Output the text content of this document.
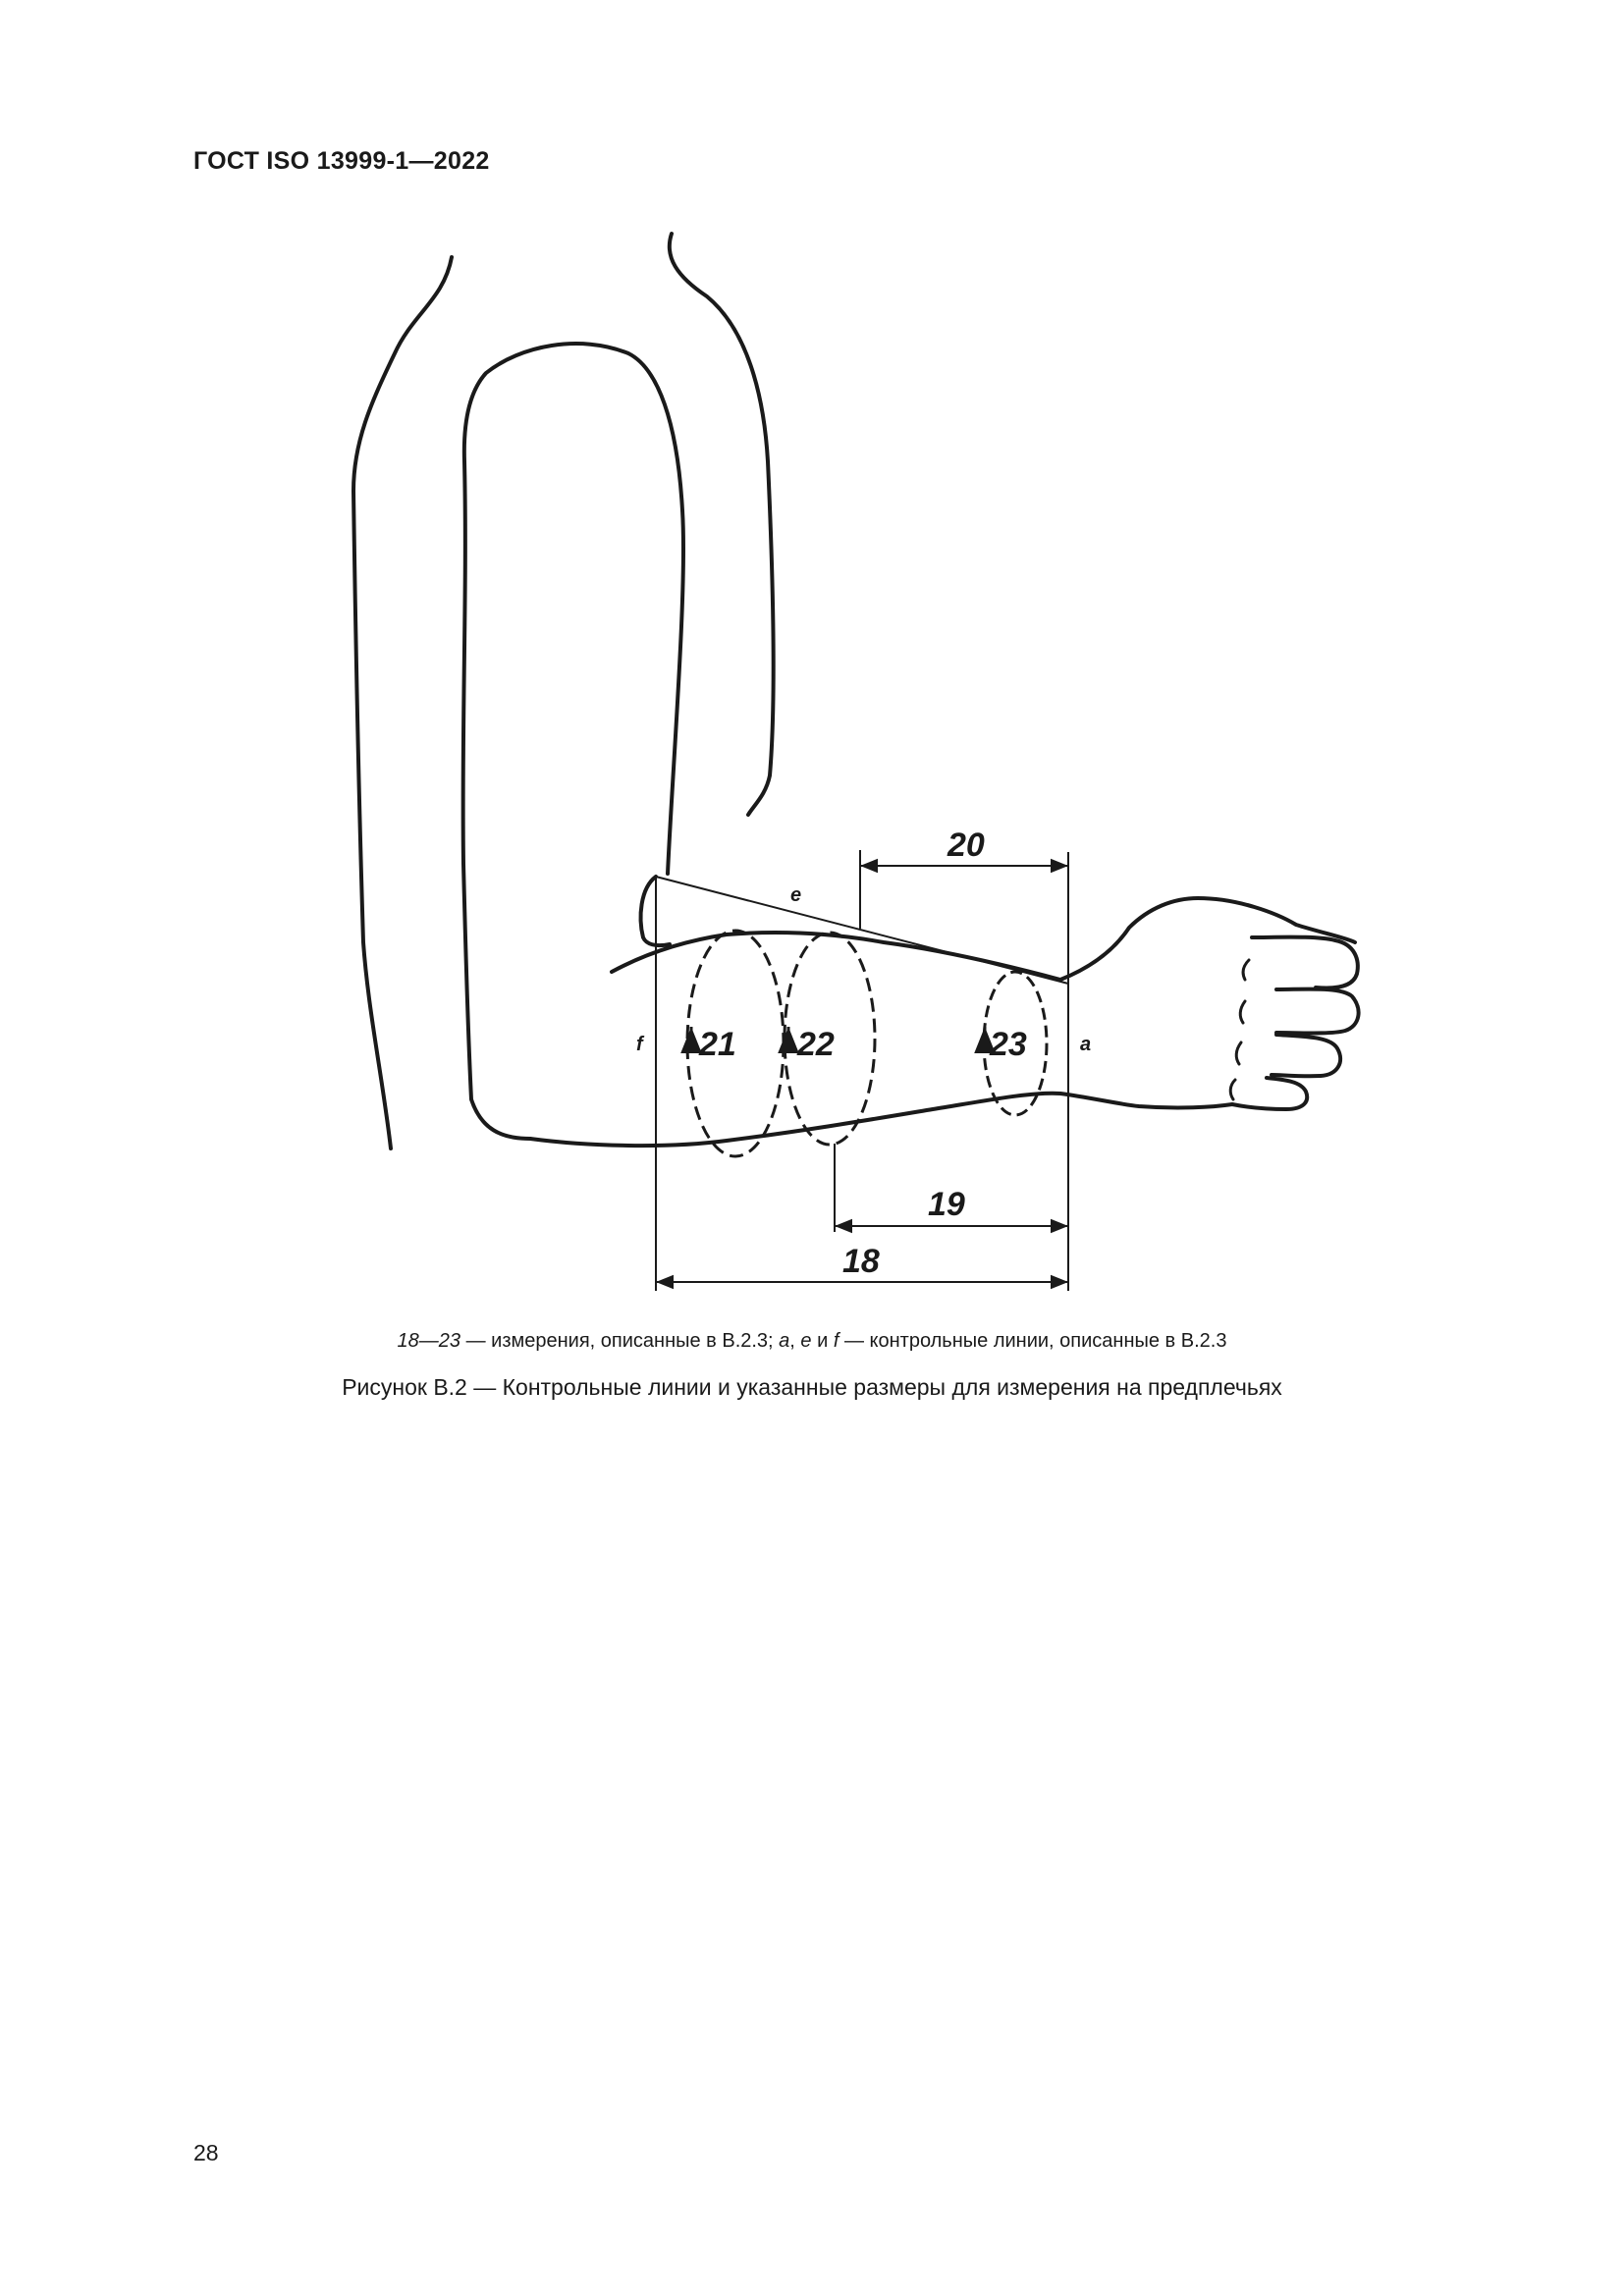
ГОСТ ISO 13999-1—2022
20
19
18
21 22	23
e
f	a
18—23 — измерения, описанные в В.2.3; a, e и f — контрольные линии, описанные в В.2.3
Рисунок В.2 — Контрольные линии и указанные размеры для измерения на предплечьях
28
